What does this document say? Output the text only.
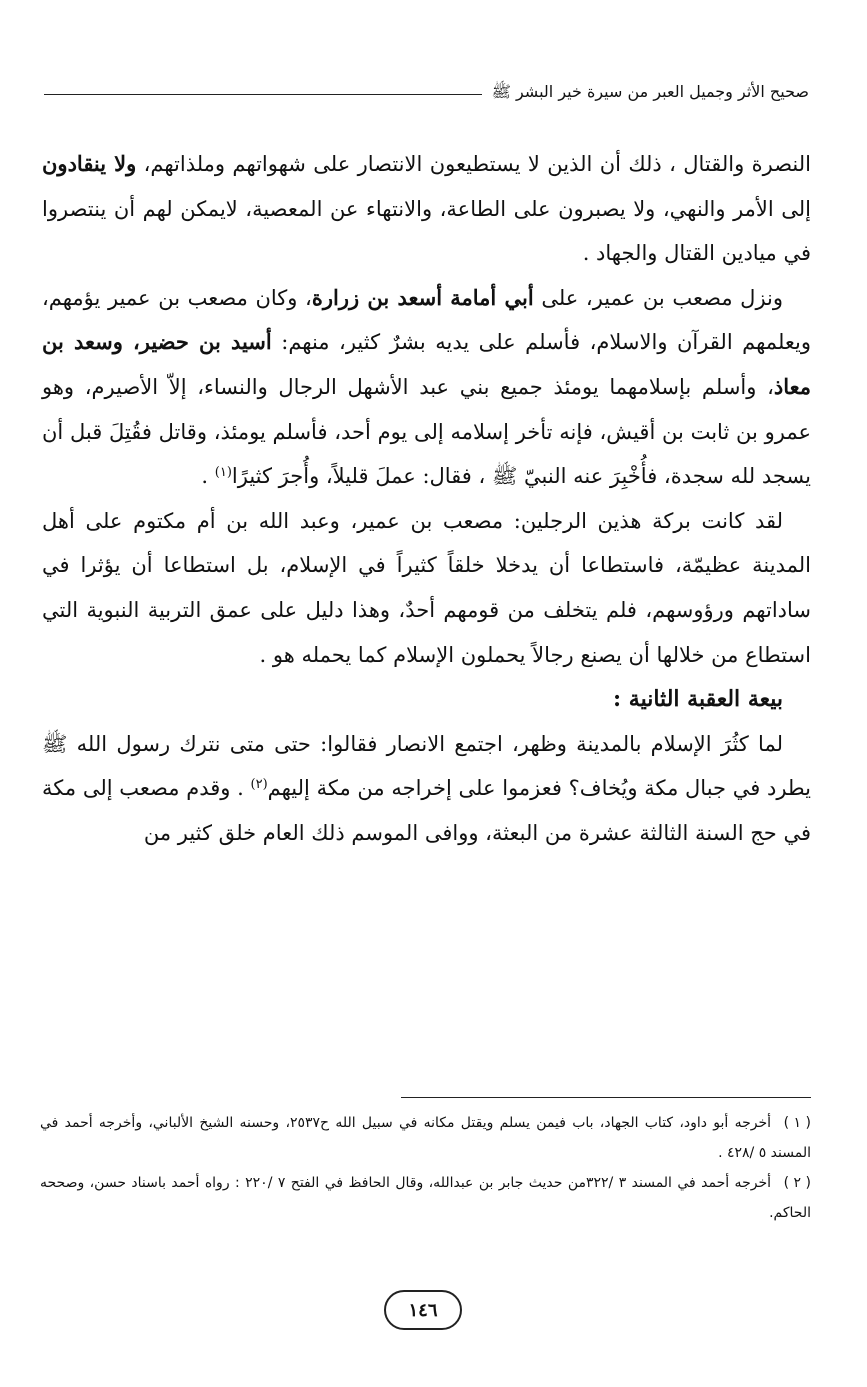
صحيح الأثر وجميل العبر من سيرة خير البشر ﷺ

النصرة والقتال ، ذلك أن الذين لا يستطيعون الانتصار على شهواتهم وملذاتهم، ولا ينقادون إلى الأمر والنهي، ولا يصبرون على الطاعة، والانتهاء عن المعصية، لايمكن لهم أن ينتصروا في ميادين القتال والجهاد .

ونزل مصعب بن عمير، على أبي أمامة أسعد بن زرارة، وكان مصعب بن عمير يؤمهم، ويعلمهم القرآن والاسلام، فأسلم على يديه بشرٌ كثير، منهم: أسيد بن حضير، وسعد بن معاذ، وأسلم بإسلامهما يومئذ جميع بني عبد الأشهل الرجال والنساء، إلاّ الأصيرم، وهو عمرو بن ثابت بن أقيش، فإنه تأخر إسلامه إلى يوم أحد، فأسلم يومئذ، وقاتل فقُتِلَ قبل أن يسجد لله سجدة، فأُخْبِرَ عنه النبيّ ﷺ ، فقال: عملَ قليلاً، وأُجرَ كثيرًا$^{(١)}$ .

لقد كانت بركة هذين الرجلين: مصعب بن عمير، وعبد الله بن أم مكتوم على أهل المدينة عظيمّة، فاستطاعا أن يدخلا خلقاً كثيراً في الإسلام، بل استطاعا أن يؤثرا في ساداتهم ورؤوسهم، فلم يتخلف من قومهم أحدٌ، وهذا دليل على عمق التربية النبوية التي استطاع من خلالها أن يصنع رجالاً يحملون الإسلام كما يحمله هو .

بيعة العقبة الثانية :

لما كثُرَ الإسلام بالمدينة وظهر، اجتمع الانصار فقالوا: حتى متى نترك رسول الله ﷺ يطرد في جبال مكة ويُخاف؟ فعزموا على إخراجه من مكة إليهم$^{(٢)}$ . وقدم مصعب إلى مكة في حج السنة الثالثة عشرة من البعثة، ووافى الموسم ذلك العام خلق كثير من

( ١ )أخرجه أبو داود، كتاب الجهاد، باب فيمن يسلم ويقتل مكانه في سبيل الله ح٢٥٣٧، وحسنه الشيخ الألباني، وأخرجه أحمد في المسند ٥ /٤٢٨ .

( ٢ )أخرجه أحمد في المسند ٣ /٣٢٢من حديث جابر بن عبدالله، وقال الحافظ في الفتح ٧ /٢٢٠ : رواه أحمد باسناد حسن، وصححه الحاكم.

١٤٦
